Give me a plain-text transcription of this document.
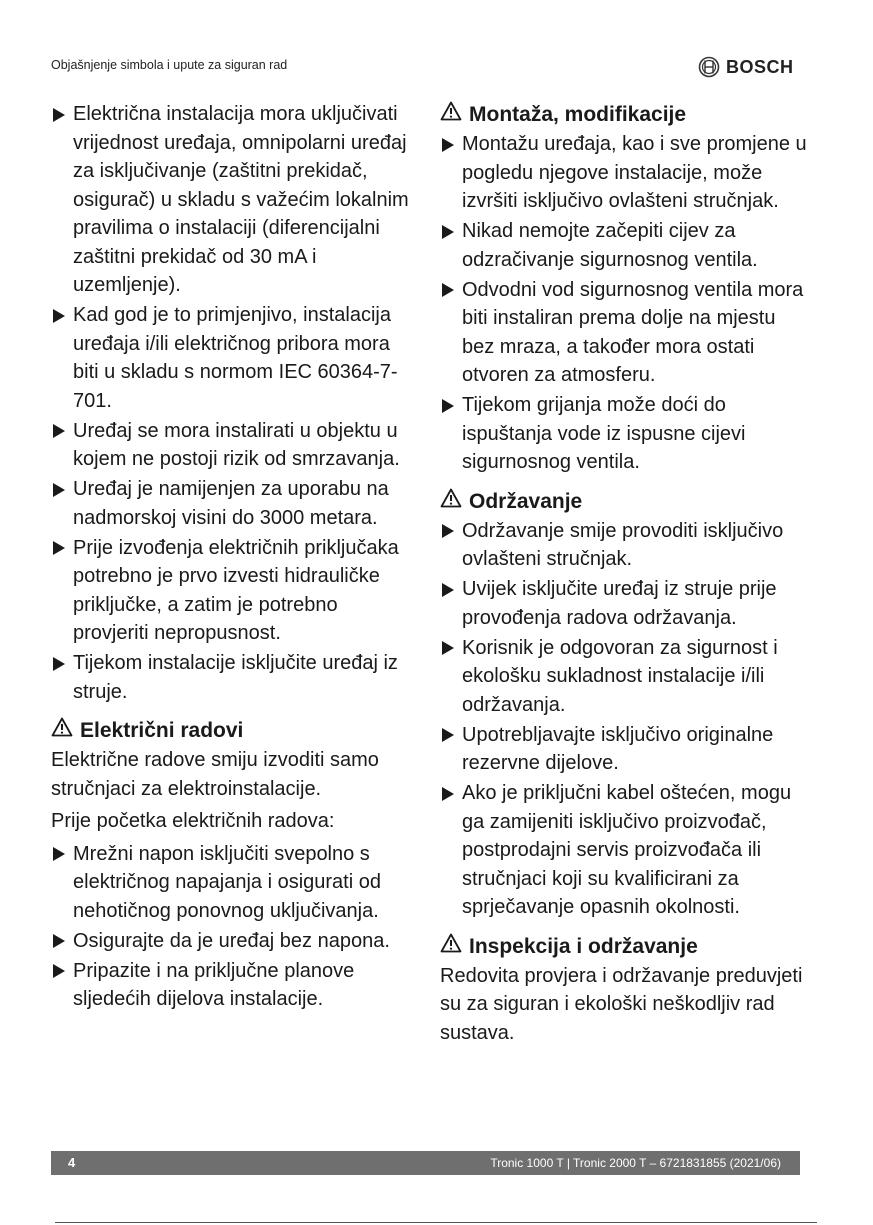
Objašnjenje simbola i upute za siguran rad	BOSCH
Električna instalacija mora uključivati vrijednost uređaja, omnipolarni uređaj za isključivanje (zaštitni prekidač, osigurač) u skladu s važećim lokalnim pravilima o instalaciji (diferencijalni zaštitni prekidač od 30 mA i uzemljenje).
Kad god je to primjenjivo, instalacija uređaja i/ili električnog pribora mora biti u skladu s normom IEC 60364-7-701.
Uređaj se mora instalirati u objektu u kojem ne postoji rizik od smrzavanja.
Uređaj je namijenjen za uporabu na nadmorskoj visini do 3000 metara.
Prije izvođenja električnih priključaka potrebno je prvo izvesti hidrauličke priključke, a zatim je potrebno provjeriti nepropusnost.
Tijekom instalacije isključite uređaj iz struje.
Električni radovi
Električne radove smiju izvoditi samo stručnjaci za elektroinstalacije.
Prije početka električnih radova:
Mrežni napon isključiti svepolno s električnog napajanja i osigurati od nehotičnog ponovnog uključivanja.
Osigurajte da je uređaj bez napona.
Pripazite i na priključne planove sljedećih dijelova instalacije.
Montaža, modifikacije
Montažu uređaja, kao i sve promjene u pogledu njegove instalacije, može izvršiti isključivo ovlašteni stručnjak.
Nikad nemojte začepiti cijev za odzračivanje sigurnosnog ventila.
Odvodni vod sigurnosnog ventila mora biti instaliran prema dolje na mjestu bez mraza, a također mora ostati otvoren za atmosferu.
Tijekom grijanja može doći do ispuštanja vode iz ispusne cijevi sigurnosnog ventila.
Održavanje
Održavanje smije provoditi isključivo ovlašteni stručnjak.
Uvijek isključite uređaj iz struje prije provođenja radova održavanja.
Korisnik je odgovoran za sigurnost i ekološku sukladnost instalacije i/ili održavanja.
Upotrebljavajte isključivo originalne rezervne dijelove.
Ako je priključni kabel oštećen, mogu ga zamijeniti isključivo proizvođač, postprodajni servis proizvođača ili stručnjaci koji su kvalificirani za sprječavanje opasnih okolnosti.
Inspekcija i održavanje
Redovita provjera i održavanje preduvjeti su za siguran i ekološki neškodljiv rad sustava.
4	Tronic 1000 T | Tronic 2000 T – 6721831855 (2021/06)
